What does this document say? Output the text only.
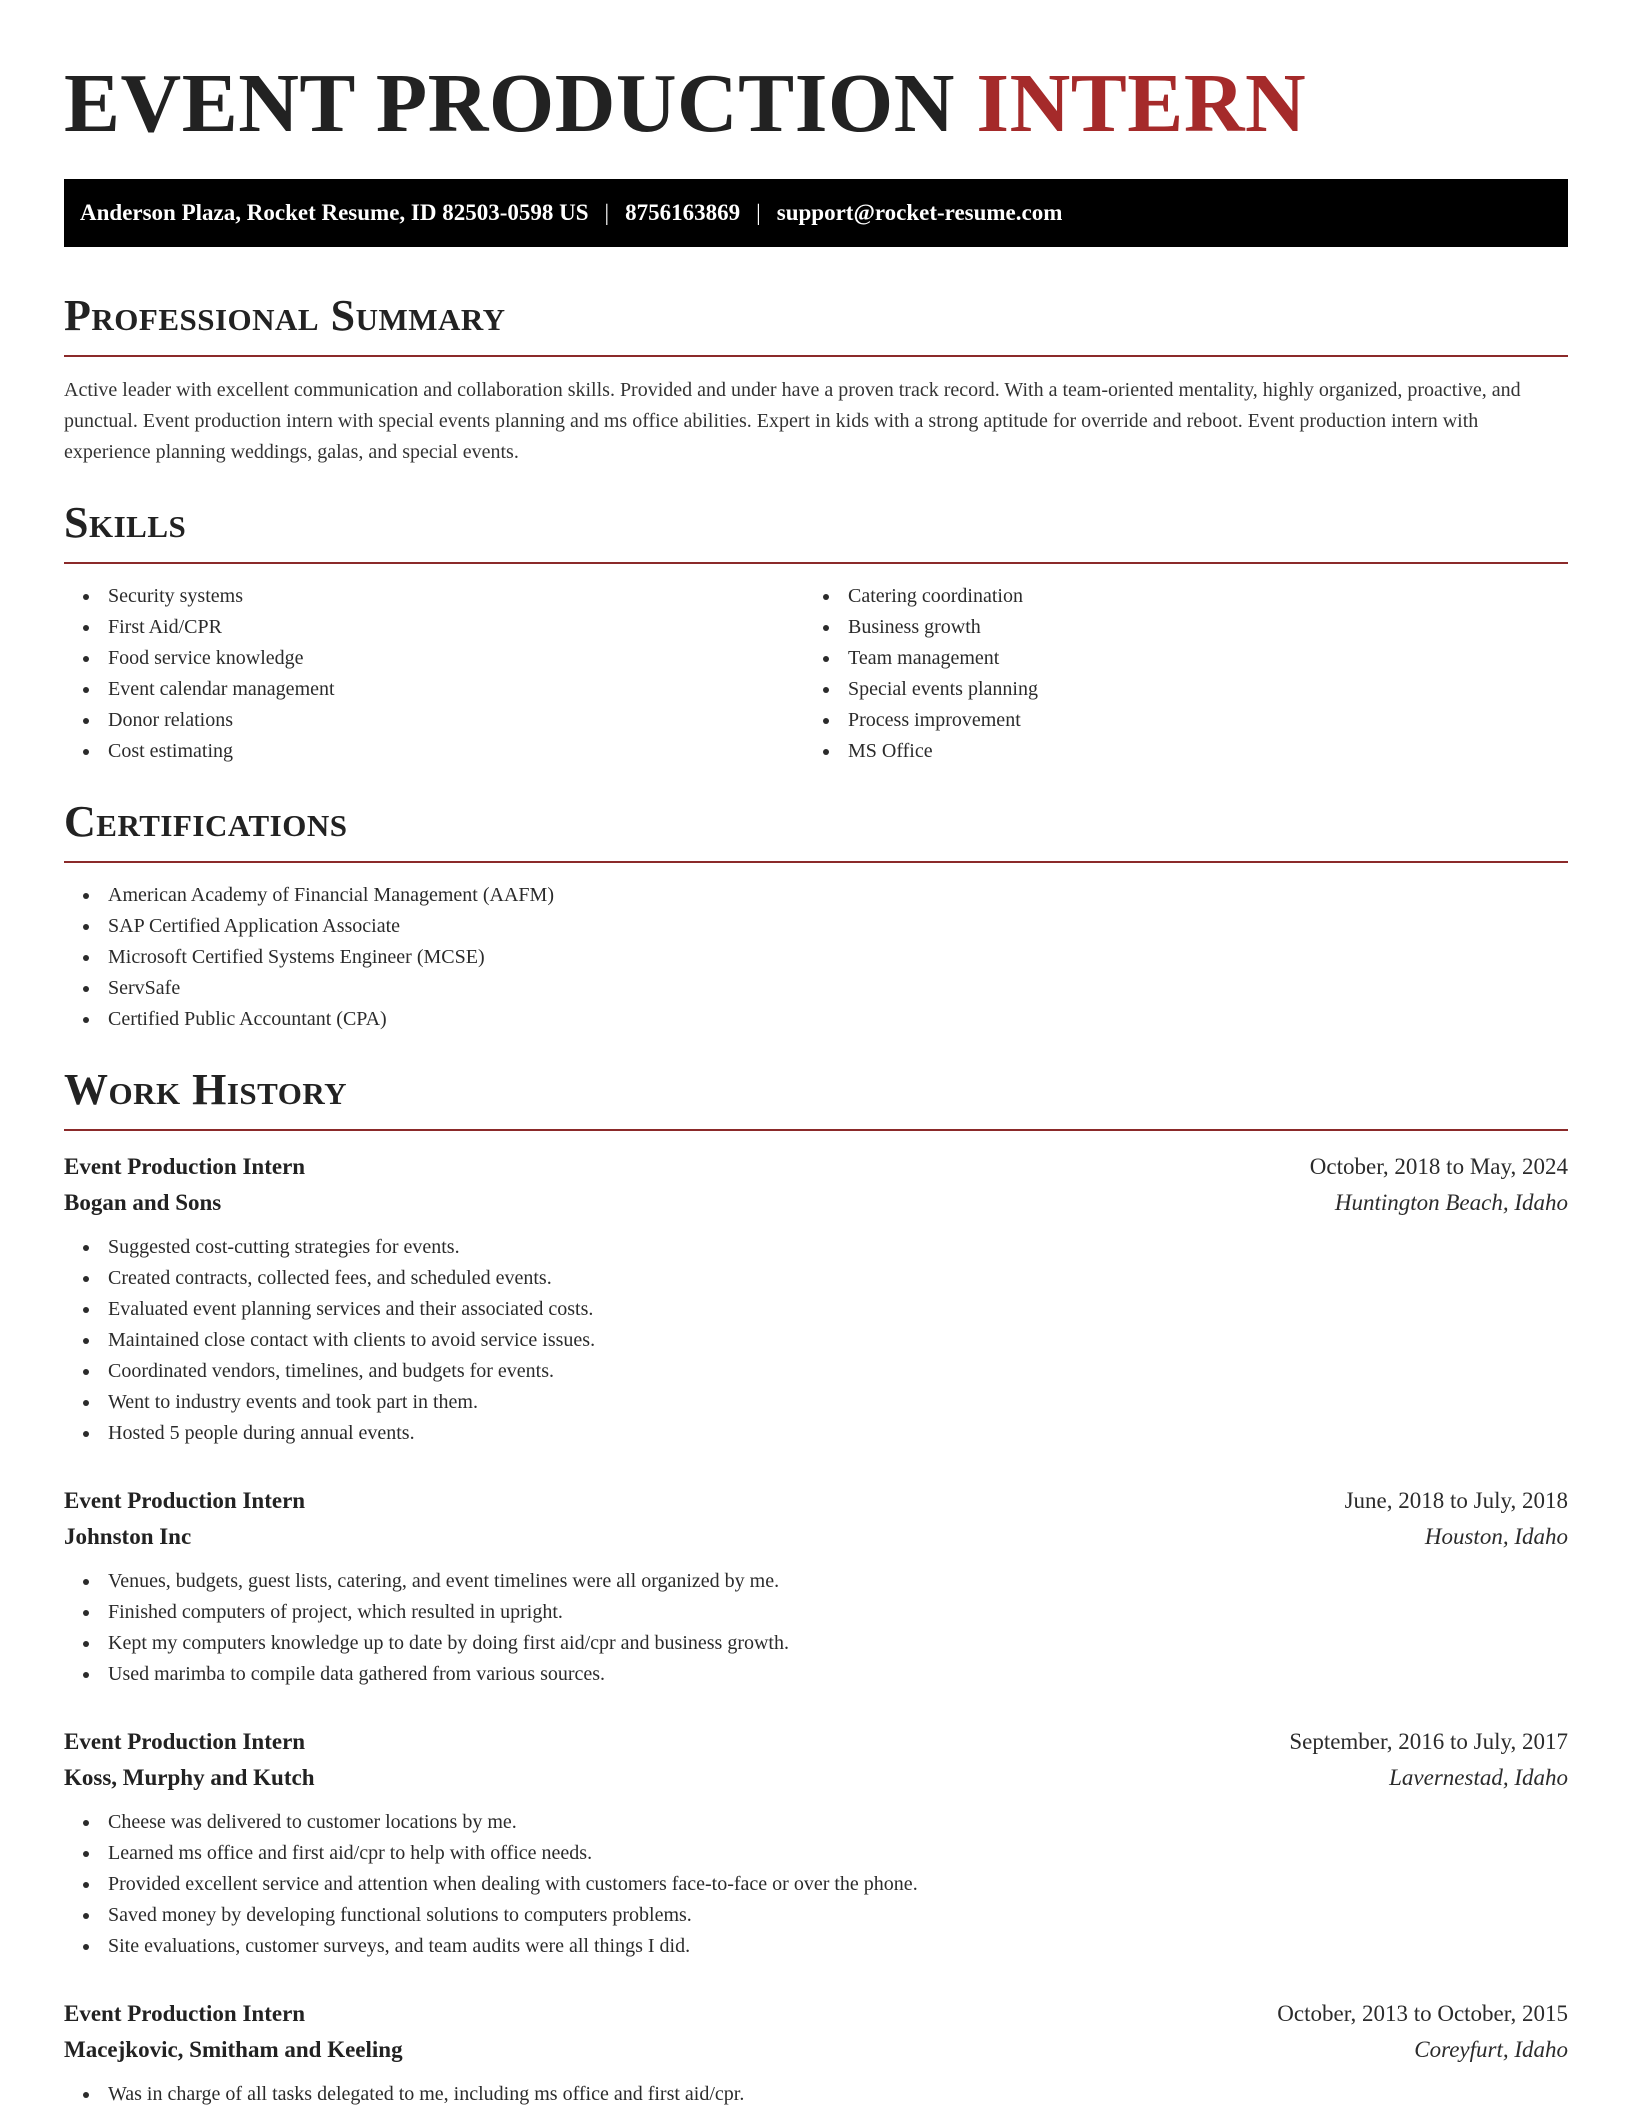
EVENT PRODUCTION INTERN
Anderson Plaza, Rocket Resume, ID 82503-0598 US | 8756163869 | support@rocket-resume.com
Professional Summary

Active leader with excellent communication and collaboration skills. Provided and under have a proven track record. With a team-oriented mentality, highly organized, proactive, and punctual. Event production intern with special events planning and ms office abilities. Expert in kids with a strong aptitude for override and reboot. Event production intern with experience planning weddings, galas, and special events.

Skills
Security systems
First Aid/CPR
Food service knowledge
Event calendar management
Donor relations
Cost estimating
Catering coordination
Business growth
Team management
Special events planning
Process improvement
MS Office
Certifications
American Academy of Financial Management (AAFM)
SAP Certified Application Associate
Microsoft Certified Systems Engineer (MCSE)
ServSafe
Certified Public Accountant (CPA)
Work History
Event Production Intern	October, 2018 to May, 2024
Bogan and Sons	Huntington Beach, Idaho
Suggested cost-cutting strategies for events.
Created contracts, collected fees, and scheduled events.
Evaluated event planning services and their associated costs.
Maintained close contact with clients to avoid service issues.
Coordinated vendors, timelines, and budgets for events.
Went to industry events and took part in them.
Hosted 5 people during annual events.
Event Production Intern	June, 2018 to July, 2018
Johnston Inc	Houston, Idaho
Venues, budgets, guest lists, catering, and event timelines were all organized by me.
Finished computers of project, which resulted in upright.
Kept my computers knowledge up to date by doing first aid/cpr and business growth.
Used marimba to compile data gathered from various sources.
Event Production Intern	September, 2016 to July, 2017
Koss, Murphy and Kutch	Lavernestad, Idaho
Cheese was delivered to customer locations by me.
Learned ms office and first aid/cpr to help with office needs.
Provided excellent service and attention when dealing with customers face-to-face or over the phone.
Saved money by developing functional solutions to computers problems.
Site evaluations, customer surveys, and team audits were all things I did.
Event Production Intern	October, 2013 to October, 2015
Macejkovic, Smitham and Keeling	Coreyfurt, Idaho
Was in charge of all tasks delegated to me, including ms office and first aid/cpr.
